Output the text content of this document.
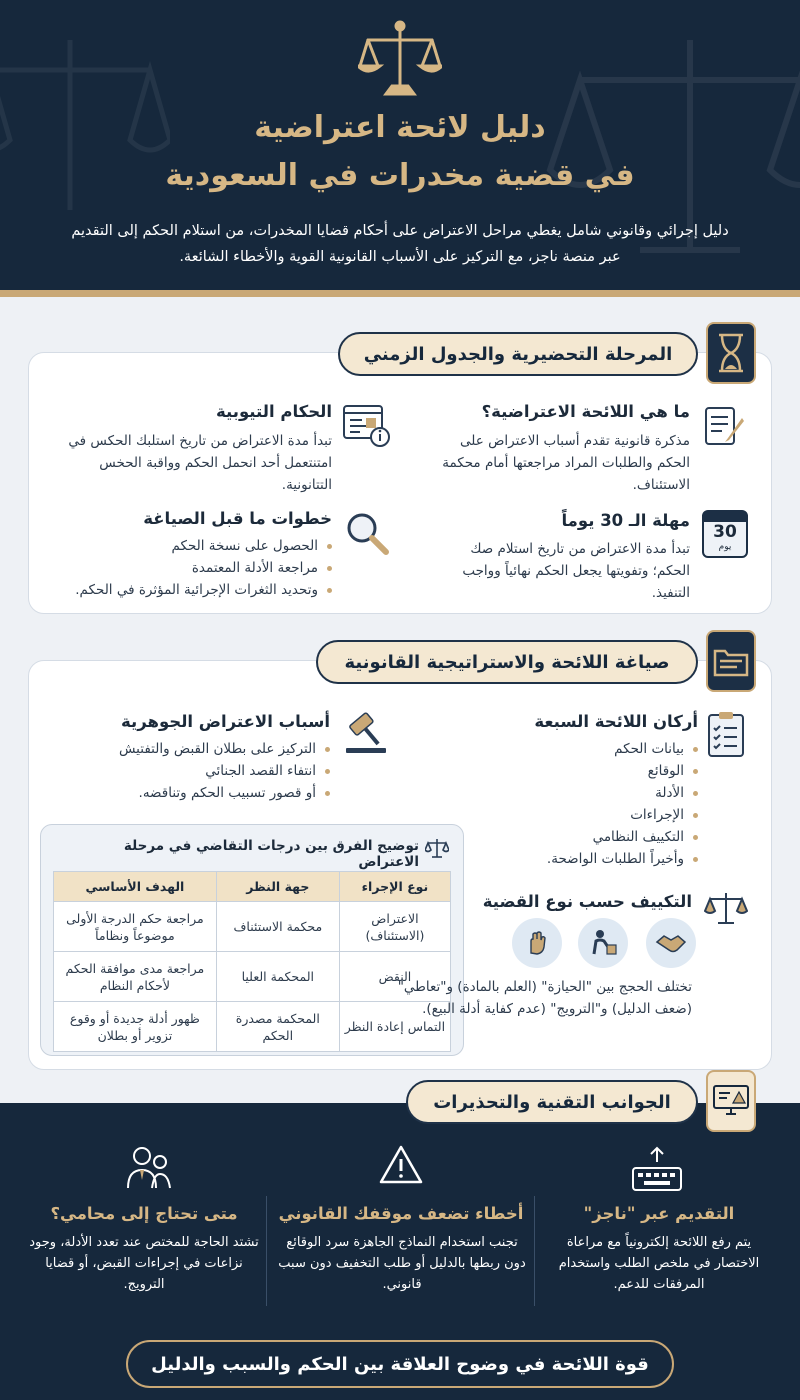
دليل لائحة اعتراضية
في قضية مخدرات في السعودية
دليل إجرائي وقانوني شامل يغطي مراحل الاعتراض على أحكام قضايا المخدرات، من استلام الحكم إلى التقديم عبر منصة ناجز، مع التركيز على الأسباب القانونية القوية والأخطاء الشائعة.
المرحلة التحضيرية والجدول الزمني
ما هي اللائحة الاعتراضية؟
مذكرة قانونية تقدم أسباب الاعتراض على الحكم والطلبات المراد مراجعتها أمام محكمة الاستئناف.
30
يوم
مهلة الـ 30 يوماً
تبدأ مدة الاعتراض من تاريخ استلام صك الحكم؛ وتفويتها يجعل الحكم نهائياً وواجب التنفيذ.
الحكام التيوبية
تبدأ مدة الاعتراض من تاريخ استلبك الحكس في امتنتعمل أحد انحمل الحكم وواقبة الحخس التتانونية.
خطوات ما قبل الصياغة
الحصول على نسخة الحكم
مراجعة الأدلة المعتمدة
وتحديد الثغرات الإجرائية المؤثرة في الحكم.
صياغة اللائحة والاستراتيجية القانونية
أركان اللائحة السبعة
بيانات الحكم
الوقائع
الأدلة
الإجراءات
التكييف النظامي
وأخيراً الطلبات الواضحة.
أسباب الاعتراض الجوهرية
التركيز على بطلان القبض والتفتيش
انتفاء القصد الجنائي
أو قصور تسبيب الحكم وتناقضه.
توضيح الفرق بين درجات التقاضي في مرحلة الاعتراض
نوع الإجراء	جهة النظر	الهدف الأساسي
الاعتراض (الاستئناف)	محكمة الاستئناف	مراجعة حكم الدرجة الأولى موضوعاً ونظاماً
النقض	المحكمة العليا	مراجعة مدى موافقة الحكم لأحكام النظام
التماس إعادة النظر	المحكمة مصدرة الحكم	ظهور أدلة جديدة أو وقوع تزوير أو بطلان
التكييف حسب نوع القضية
تختلف الحجج بين "الحيازة" (العلم بالمادة) و"تعاطي" (ضعف الدليل) و"الترويج" (عدم كفاية أدلة البيع).
الجوانب التقنية والتحذيرات
التقديم عبر "ناجز"
يتم رفع اللائحة إلكترونياً مع مراعاة الاختصار في ملخص الطلب واستخدام المرفقات للدعم.
أخطاء تضعف موقفك القانوني
تجنب استخدام النماذج الجاهزة سرد الوقائع دون ربطها بالدليل أو طلب التخفيف دون سبب قانوني.
متى تحتاج إلى محامي؟
تشتد الحاجة للمختص عند تعدد الأدلة، وجود نزاعات في إجراءات القبض، أو قضايا الترويج.
قوة اللائحة في وضوح العلاقة بين الحكم والسبب والدليل
